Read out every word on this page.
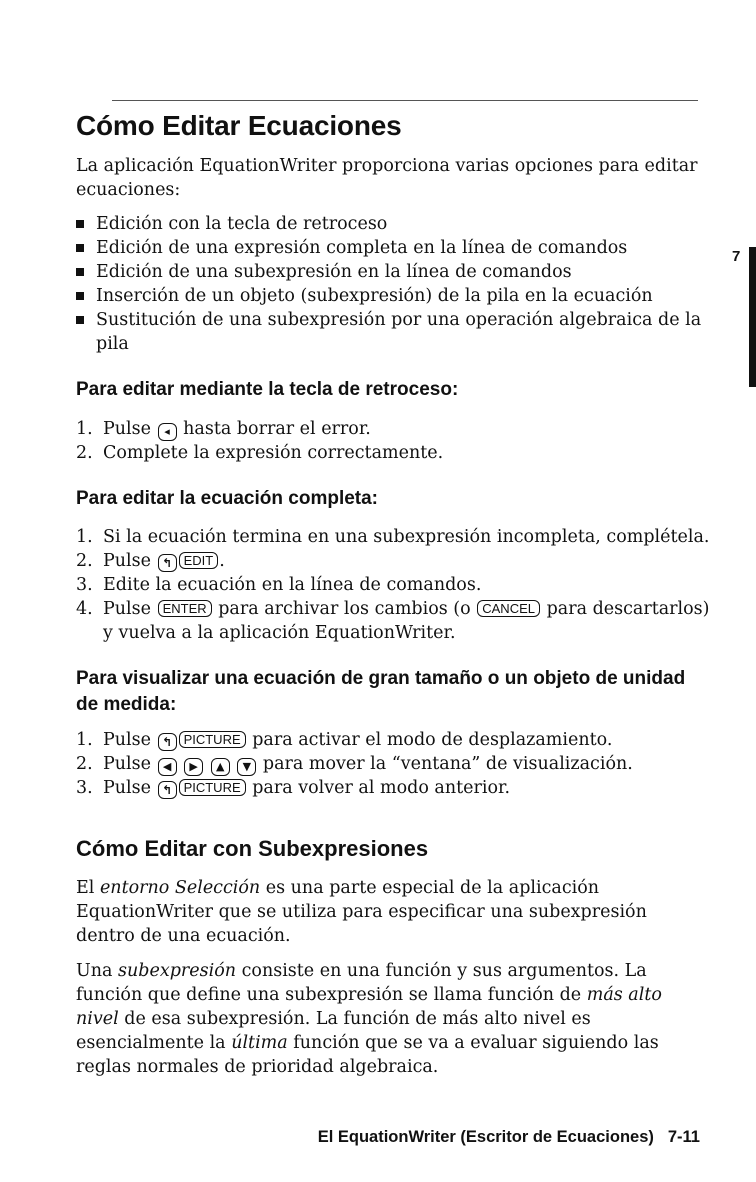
7
Cómo Editar Ecuaciones
La aplicación EquationWriter proporciona varias opciones para editar ecuaciones:
Edición con la tecla de retroceso
Edición de una expresión completa en la línea de comandos
Edición de una subexpresión en la línea de comandos
Inserción de un objeto (subexpresión) de la pila en la ecuación
Sustitución de una subexpresión por una operación algebraica de la pila
Para editar mediante la tecla de retroceso:
1. Pulse ◂ hasta borrar el error.
2. Complete la expresión correctamente.
Para editar la ecuación completa:
1. Si la ecuación termina en una subexpresión incompleta, complétela.
2. Pulse ↰ EDIT .
3. Edite la ecuación en la línea de comandos.
4. Pulse ENTER para archivar los cambios (o CANCEL para descartarlos) y vuelva a la aplicación EquationWriter.
Para visualizar una ecuación de gran tamaño o un objeto de unidad de medida:
1. Pulse ↰ PICTURE para activar el modo de desplazamiento.
2. Pulse ◀ ▶ ▲ ▼ para mover la “ventana” de visualización.
3. Pulse ↰ PICTURE para volver al modo anterior.
Cómo Editar con Subexpresiones
El entorno Selección es una parte especial de la aplicación EquationWriter que se utiliza para especificar una subexpresión dentro de una ecuación.
Una subexpresión consiste en una función y sus argumentos. La función que define una subexpresión se llama función de más alto nivel de esa subexpresión. La función de más alto nivel es esencialmente la última función que se va a evaluar siguiendo las reglas normales de prioridad algebraica.
El EquationWriter (Escritor de Ecuaciones) 7-11
